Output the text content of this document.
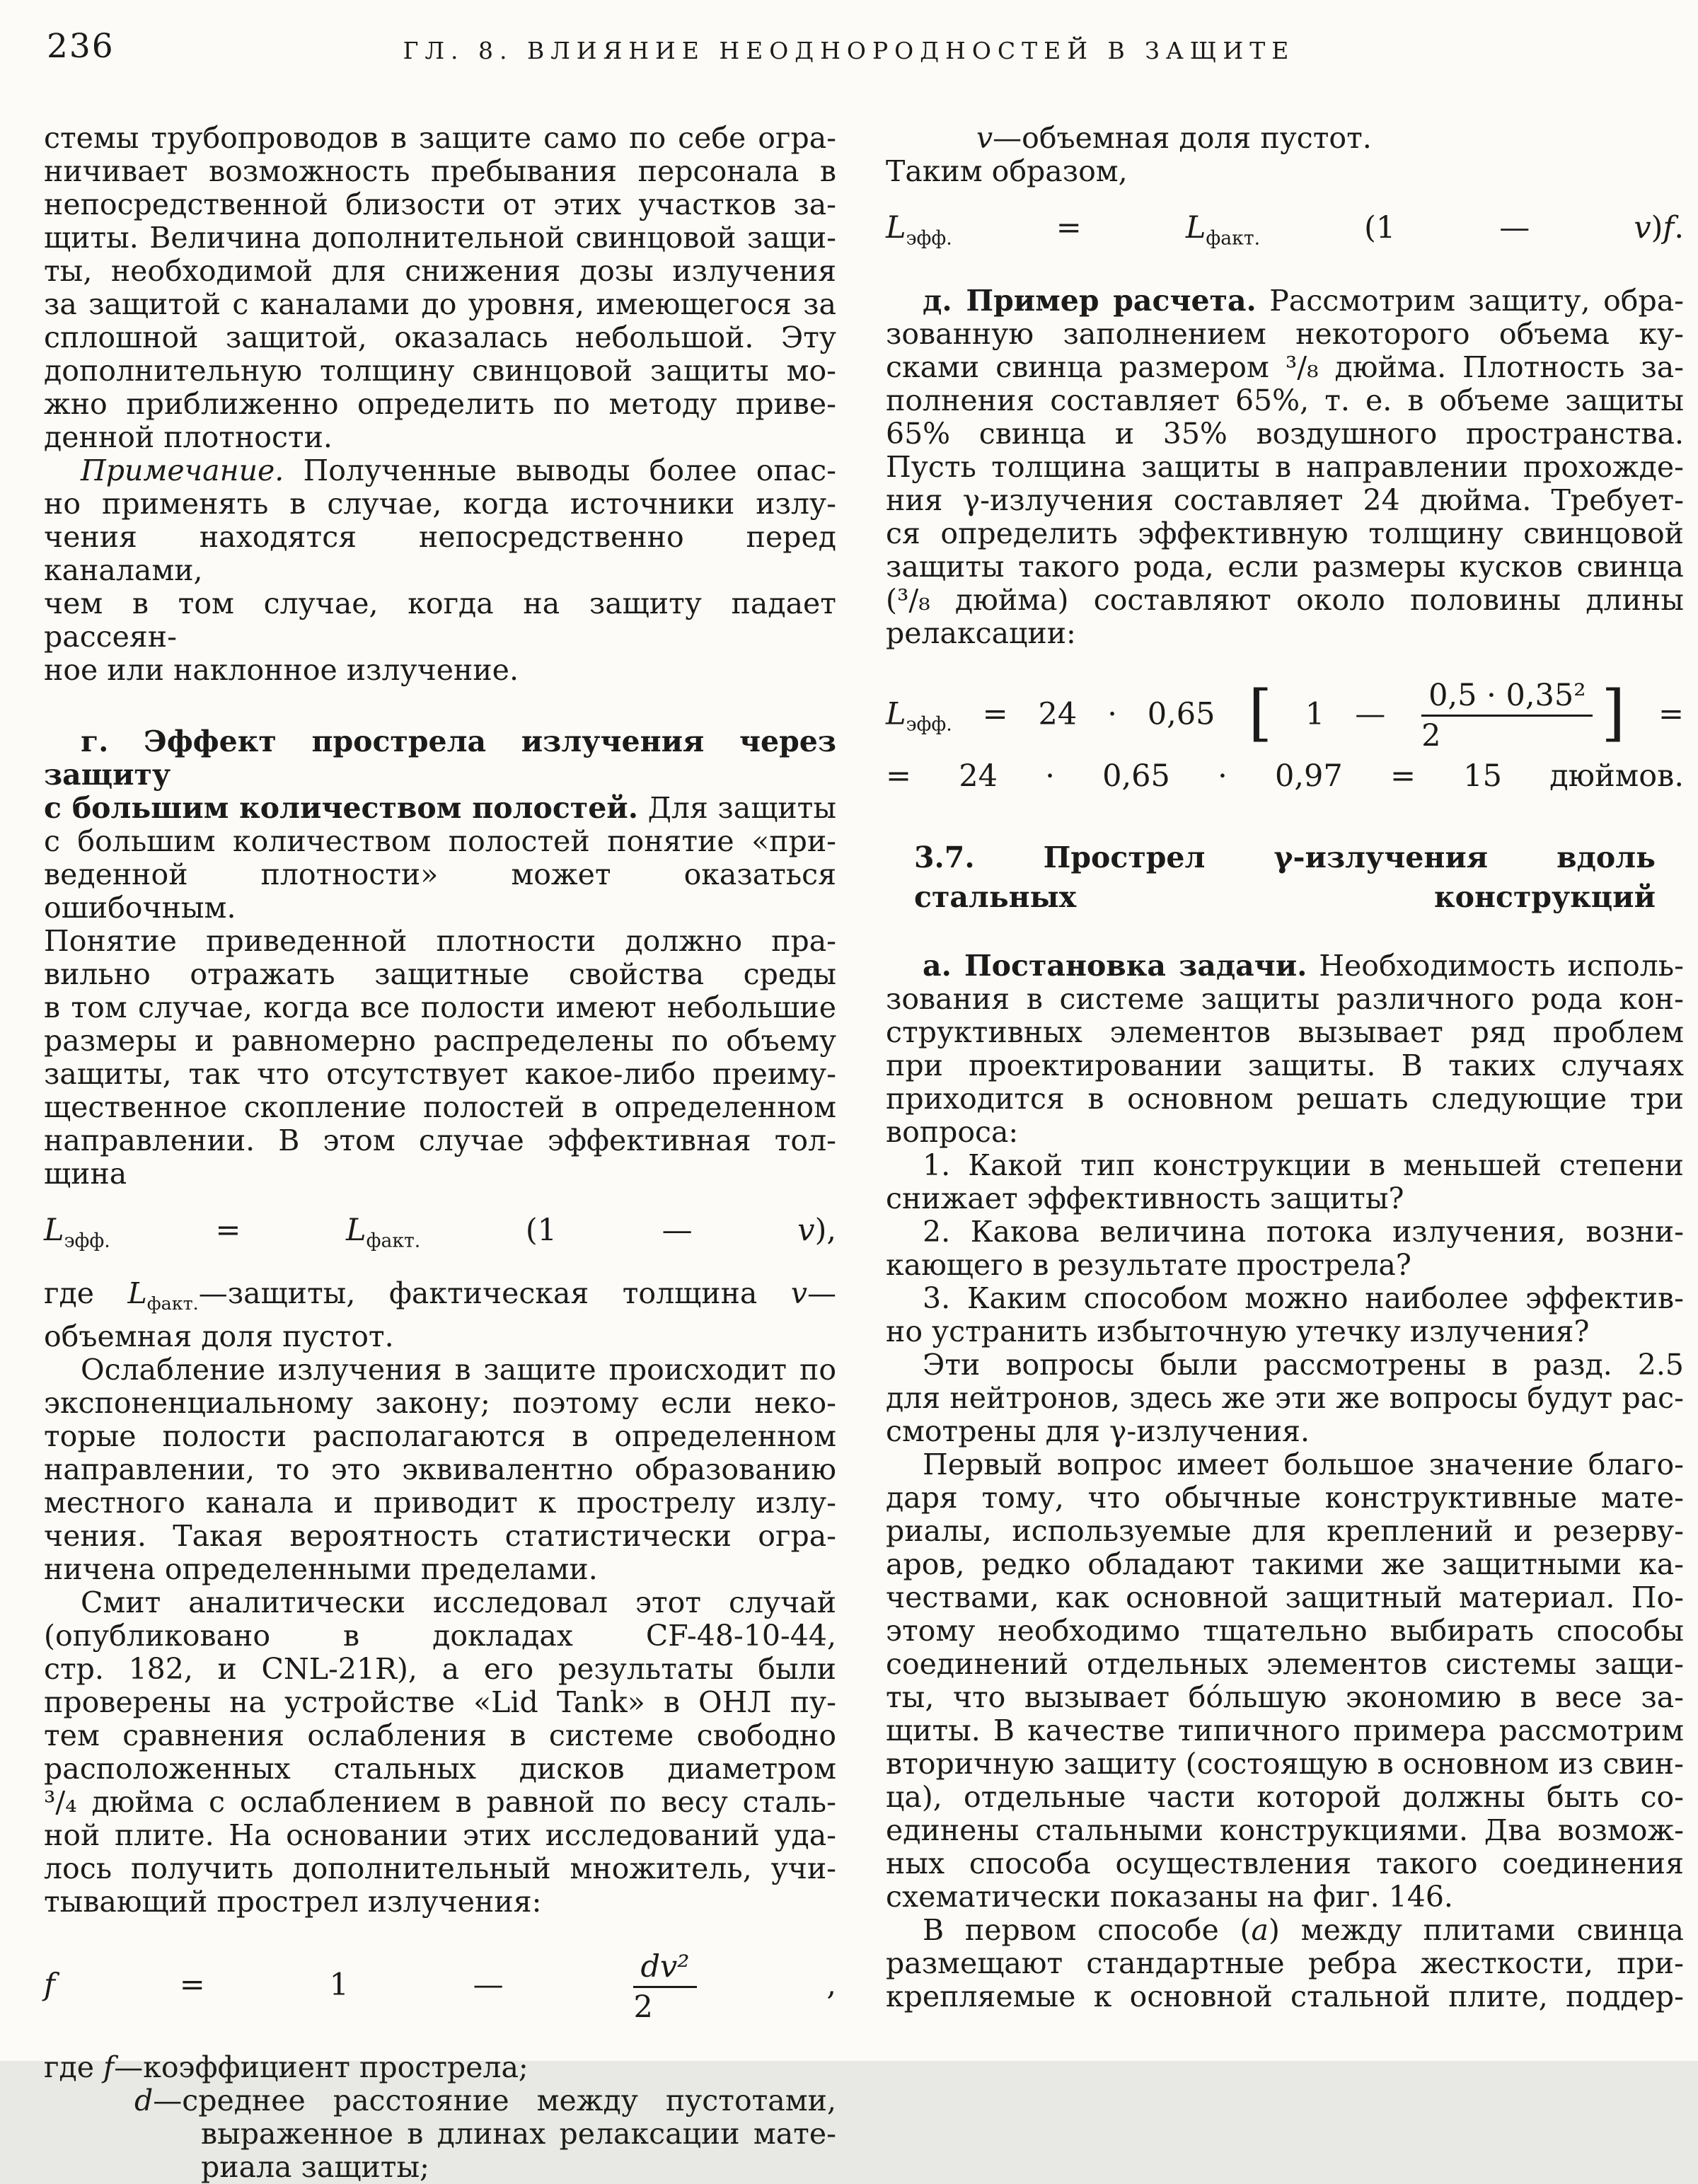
236	ГЛ. 8. ВЛИЯНИЕ НЕОДНОРОДНОСТЕЙ В ЗАЩИТЕ
стемы трубопроводов в защите само по себе огра-
ничивает возможность пребывания персонала в
непосредственной близости от этих участков за-
щиты. Величина дополнительной свинцовой защи-
ты, необходимой для снижения дозы излучения
за защитой с каналами до уровня, имеющегося за
сплошной защитой, оказалась небольшой. Эту
дополнительную толщину свинцовой защиты мо-
жно приближенно определить по методу приве-
денной плотности.
Примечание. Полученные выводы более опас-
но применять в случае, когда источники излу-
чения находятся непосредственно перед каналами,
чем в том случае, когда на защиту падает рассеян-
ное или наклонное излучение.
г. Эффект прострела излучения через защиту
с большим количеством полостей. Для защиты
с большим количеством полостей понятие «при-
веденной плотности» может оказаться ошибочным.
Понятие приведенной плотности должно пра-
вильно отражать защитные свойства среды
в том случае, когда все полости имеют небольшие
размеры и равномерно распределены по объему
защиты, так что отсутствует какое-либо преиму-
щественное скопление полостей в определенном
направлении. В этом случае эффективная тол-
щина
$L_{эфф.} = L_{факт.}$ (1 — v),
где $L_{факт.}—защиты$, фактическая толщина v—
объемная доля пустот.
Ослабление излучения в защите происходит по
экспоненциальному закону; поэтому если неко-
торые полости располагаются в определенном
направлении, то это эквивалентно образованию
местного канала и приводит к прострелу излу-
чения. Такая вероятность статистически огра-
ничена определенными пределами.
Смит аналитически исследовал этот случай
(опубликовано в докладах CF-48-10-44,
стр. 182, и CNL-21R), а его результаты были
проверены на устройстве «Lid Tank» в ОНЛ пу-
тем сравнения ослабления в системе свободно
расположенных стальных дисков диаметром
³/₄ дюйма с ослаблением в равной по весу сталь-
ной плите. На основании этих исследований уда-
лось получить дополнительный множитель, учи-
тывающий прострел излучения:
f = 1 — $\frac{\text{dv²}}{2}$ ,
где f—коэффициент прострела;
d—среднее расстояние между пустотами,
выраженное в длинах релаксации мате-
риала защиты;
v—объемная доля пустот.
Таким образом,
$L_{эфф.} = L_{факт.}$ (1 — v)f.
д. Пример расчета. Рассмотрим защиту, обра-
зованную заполнением некоторого объема ку-
сками свинца размером ³/₈ дюйма. Плотность за-
полнения составляет 65%, т. е. в объеме защиты
65% свинца и 35% воздушного пространства.
Пусть толщина защиты в направлении прохожде-
ния γ-излучения составляет 24 дюйма. Требует-
ся определить эффективную толщину свинцовой
защиты такого рода, если размеры кусков свинца
(³/₈ дюйма) составляют около половины длины
релаксации:
$L_{эфф.} = 24 \cdot 0,65$ [ 1 — $\frac{\text{0,5 · 0,35²}}{2}$ ] =
= 24 · 0,65 · 0,97 = 15 дюймов.
3.7. Прострел γ-излучения вдоль
стальных конструкций
а. Постановка задачи. Необходимость исполь-
зования в системе защиты различного рода кон-
структивных элементов вызывает ряд проблем
при проектировании защиты. В таких случаях
приходится в основном решать следующие три
вопроса:
1. Какой тип конструкции в меньшей степени
снижает эффективность защиты?
2. Какова величина потока излучения, возни-
кающего в результате прострела?
3. Каким способом можно наиболее эффектив-
но устранить избыточную утечку излучения?
Эти вопросы были рассмотрены в разд. 2.5
для нейтронов, здесь же эти же вопросы будут рас-
смотрены для γ-излучения.
Первый вопрос имеет большое значение благо-
даря тому, что обычные конструктивные мате-
риалы, используемые для креплений и резерву-
аров, редко обладают такими же защитными ка-
чествами, как основной защитный материал. По-
этому необходимо тщательно выбирать способы
соединений отдельных элементов системы защи-
ты, что вызывает бо́льшую экономию в весе за-
щиты. В качестве типичного примера рассмотрим
вторичную защиту (состоящую в основном из свин-
ца), отдельные части которой должны быть со-
единены стальными конструкциями. Два возмож-
ных способа осуществления такого соединения
схематически показаны на фиг. 146.
В первом способе (а) между плитами свинца
размещают стандартные ребра жесткости, при-
крепляемые к основной стальной плите, поддер-
